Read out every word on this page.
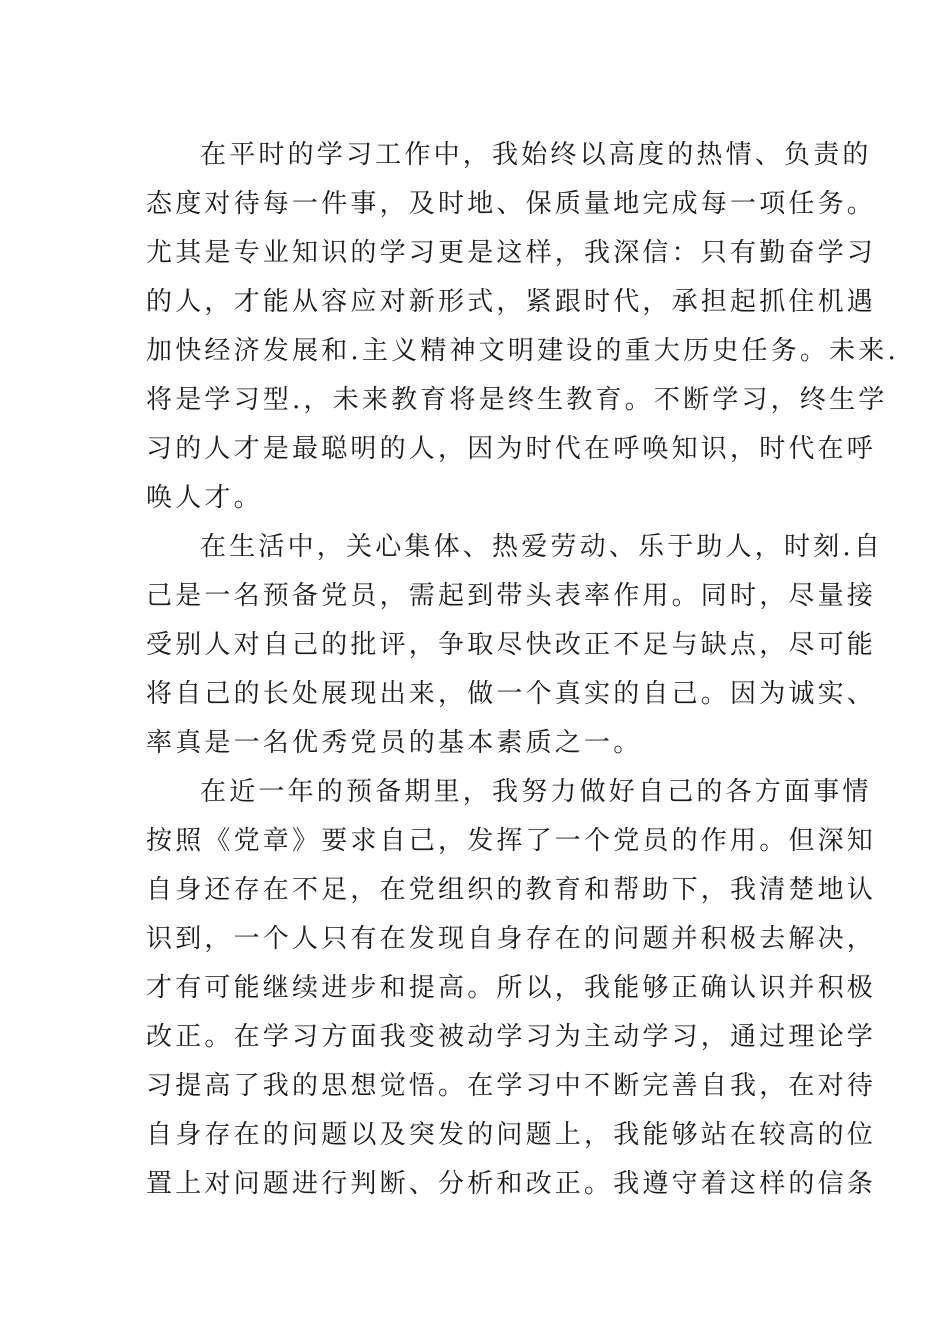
在平时的学习工作中，我始终以高度的热情、负责的
态度对待每一件事，及时地、保质量地完成每一项任务。
尤其是专业知识的学习更是这样，我深信：只有勤奋学习
的人，才能从容应对新形式，紧跟时代，承担起抓住机遇
加快经济发展和.主义精神文明建设的重大历史任务。未来.
将是学习型.，未来教育将是终生教育。不断学习，终生学
习的人才是最聪明的人，因为时代在呼唤知识，时代在呼
唤人才。
在生活中，关心集体、热爱劳动、乐于助人，时刻.自
己是一名预备党员，需起到带头表率作用。同时，尽量接
受别人对自己的批评，争取尽快改正不足与缺点，尽可能
将自己的长处展现出来，做一个真实的自己。因为诚实、
率真是一名优秀党员的基本素质之一。
在近一年的预备期里，我努力做好自己的各方面事情
按照《党章》要求自己，发挥了一个党员的作用。但深知
自身还存在不足，在党组织的教育和帮助下，我清楚地认
识到，一个人只有在发现自身存在的问题并积极去解决，
才有可能继续进步和提高。所以，我能够正确认识并积极
改正。在学习方面我变被动学习为主动学习，通过理论学
习提高了我的思想觉悟。在学习中不断完善自我，在对待
自身存在的问题以及突发的问题上，我能够站在较高的位
置上对问题进行判断、分析和改正。我遵守着这样的信条
